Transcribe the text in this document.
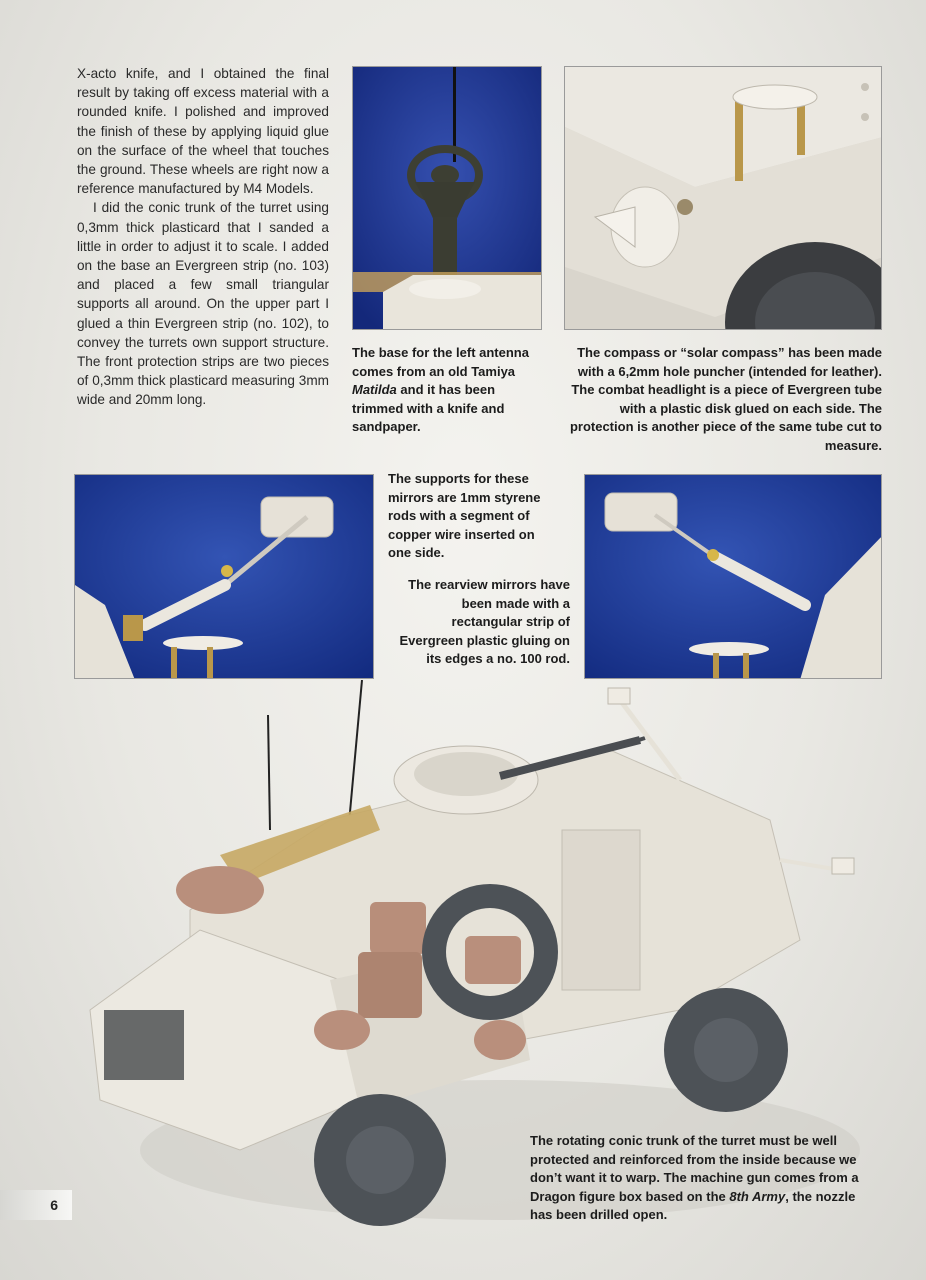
X-acto knife, and I obtained the final result by taking off excess material with a rounded knife. I polished and improved the finish of these by applying liquid glue on the surface of the wheel that touches the ground. These wheels are right now a reference manufactured by M4 Models.

I did the conic trunk of the turret using 0,3mm thick plasticard that I sanded a little in order to adjust it to scale. I added on the base an Evergreen strip (no. 103) and placed a few small triangular supports all around. On the upper part I glued a thin Evergreen strip (no. 102), to convey the turrets own support structure. The front protection strips are two pieces of 0,3mm thick plasticard measuring 3mm wide and 20mm long.

The base for the left antenna comes from an old Tamiya Matilda and it has been trimmed with a knife and sandpaper.
The compass or “solar compass” has been made with a 6,2mm hole puncher (intended for leather). The combat headlight is a piece of Evergreen tube with a plastic disk glued on each side. The protection is another piece of the same tube cut to measure.
The supports for these mirrors are 1mm styrene rods with a segment of copper wire inserted on one side.
The rearview mirrors have been made with a rectangular strip of Evergreen plastic gluing on its edges a no. 100 rod.
The rotating conic trunk of the turret must be well protected and reinforced from the inside because we don’t want it to warp. The machine gun comes from a Dragon figure box based on the 8th Army, the nozzle has been drilled open.
6
